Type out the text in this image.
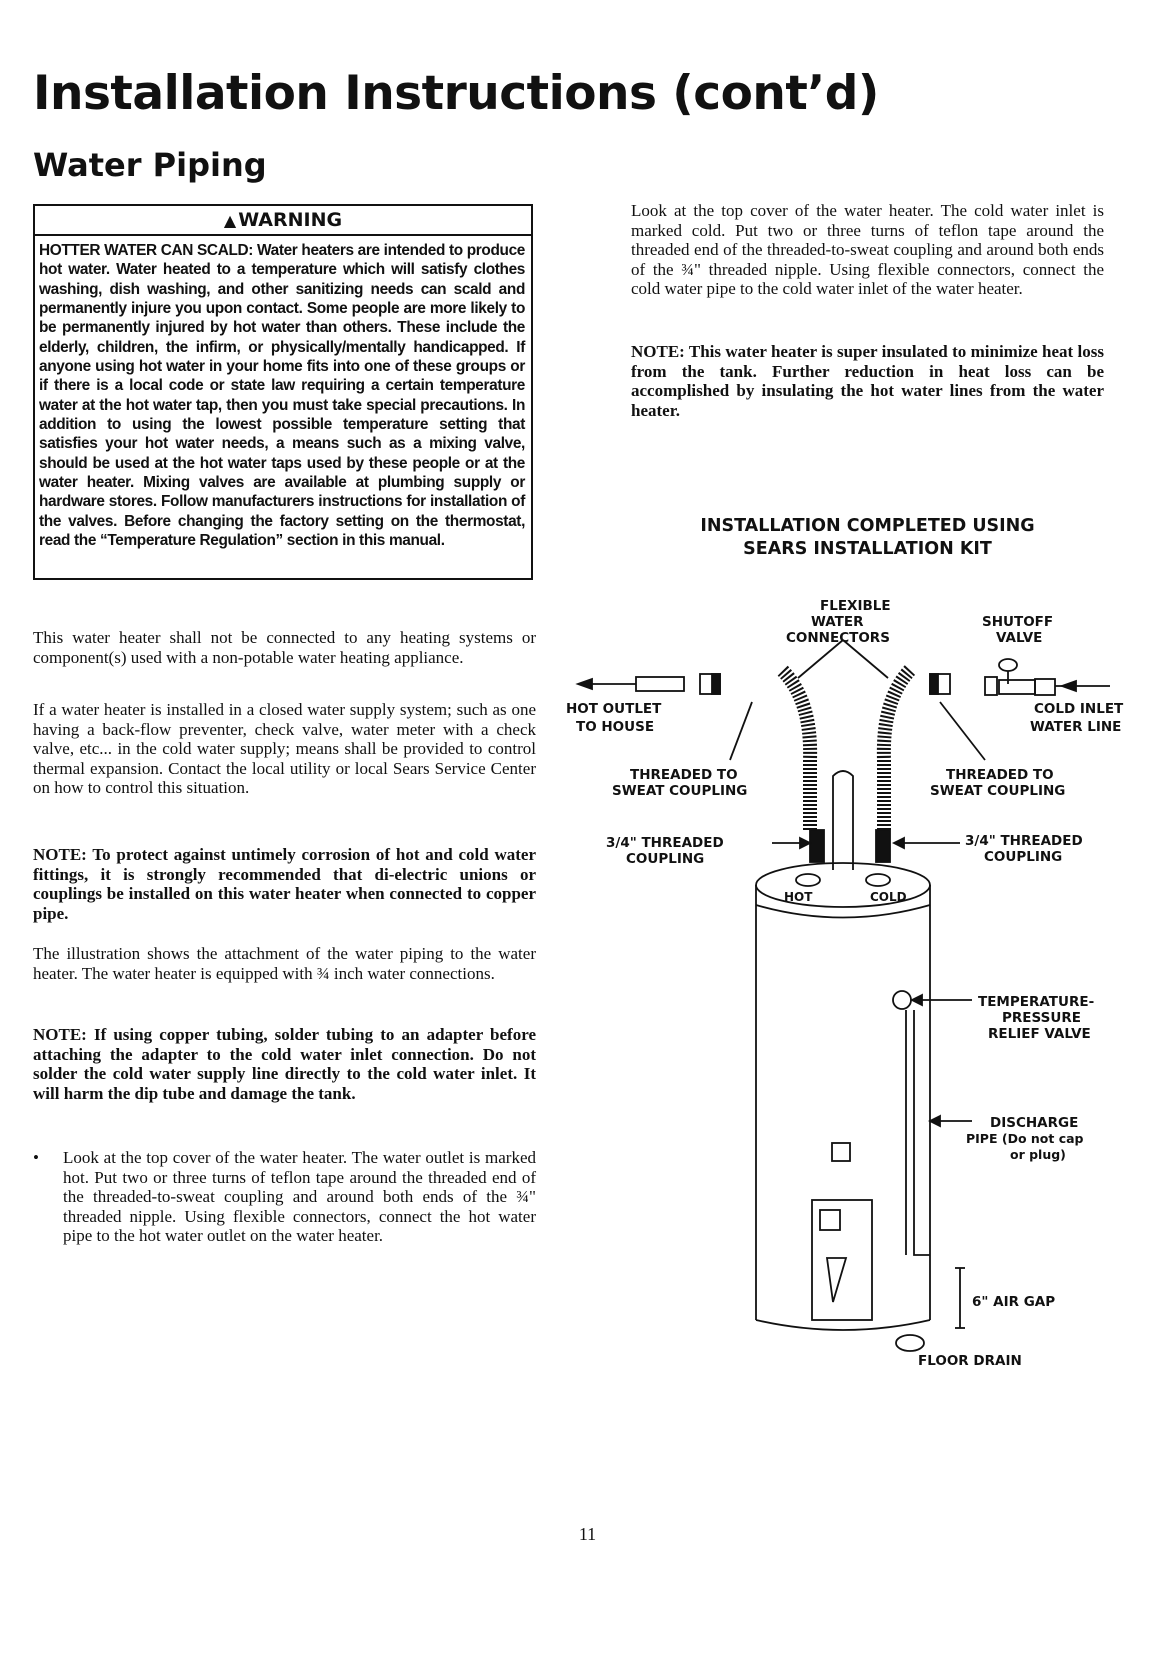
Installation Instructions (cont’d)
Water Piping
▲ WARNING
HOTTER WATER CAN SCALD: Water heaters are intended to produce hot water. Water heated to a temperature which will satisfy clothes washing, dish washing, and other sanitizing needs can scald and permanently injure you upon contact. Some people are more likely to be permanently injured by hot water than others. These include the elderly, children, the infirm, or physically/mentally handicapped. If anyone using hot water in your home fits into one of these groups or if there is a local code or state law requiring a certain temperature water at the hot water tap, then you must take special precautions. In addition to using the lowest possible temperature setting that satisfies your hot water needs, a means such as a mixing valve, should be used at the hot water taps used by these people or at the water heater. Mixing valves are available at plumbing supply or hardware stores. Follow manufacturers instructions for installation of the valves. Before changing the factory setting on the thermostat, read the “Temperature Regulation” section in this manual.

This water heater shall not be connected to any heating systems or component(s) used with a non-potable water heating appliance.

If a water heater is installed in a closed water supply system; such as one having a back-flow preventer, check valve, water meter with a check valve, etc... in the cold water supply; means shall be provided to control thermal expansion. Contact the local utility or local Sears Service Center on how to control this situation.

NOTE: To protect against untimely corrosion of hot and cold water fittings, it is strongly recommended that di-electric unions or couplings be installed on this water heater when connected to copper pipe.

The illustration shows the attachment of the water piping to the water heater. The water heater is equipped with ¾ inch water connections.

NOTE: If using copper tubing, solder tubing to an adapter before attaching the adapter to the cold water inlet connection. Do not solder the cold water supply line directly to the cold water inlet. It will harm the dip tube and damage the tank.

• Look at the top cover of the water heater. The water outlet is marked hot. Put two or three turns of teflon tape around the threaded end of the threaded-to-sweat coupling and around both ends of the ¾" threaded nipple. Using flexible connectors, connect the hot water pipe to the hot water outlet on the water heater.

Look at the top cover of the water heater. The cold water inlet is marked cold. Put two or three turns of teflon tape around the threaded end of the threaded-to-sweat coupling and around both ends of the ¾" threaded nipple. Using flexible connectors, connect the cold water pipe to the cold water inlet of the water heater.

NOTE: This water heater is super insulated to minimize heat loss from the tank. Further reduction in heat loss can be accomplished by insulating the hot water lines from the water heater.

INSTALLATION COMPLETED USING
SEARS INSTALLATION KIT
FLEXIBLE
WATER
CONNECTORS
SHUTOFF
VALVE
HOT OUTLET
TO HOUSE
COLD INLET
WATER LINE
THREADED TO
SWEAT COUPLING
THREADED TO
SWEAT COUPLING
3/4" THREADED
COUPLING
3/4" THREADED
COUPLING
HOT	COLD
TEMPERATURE-
PRESSURE
RELIEF VALVE
DISCHARGE
PIPE (Do not cap
or plug)
6" AIR GAP
FLOOR DRAIN
11
